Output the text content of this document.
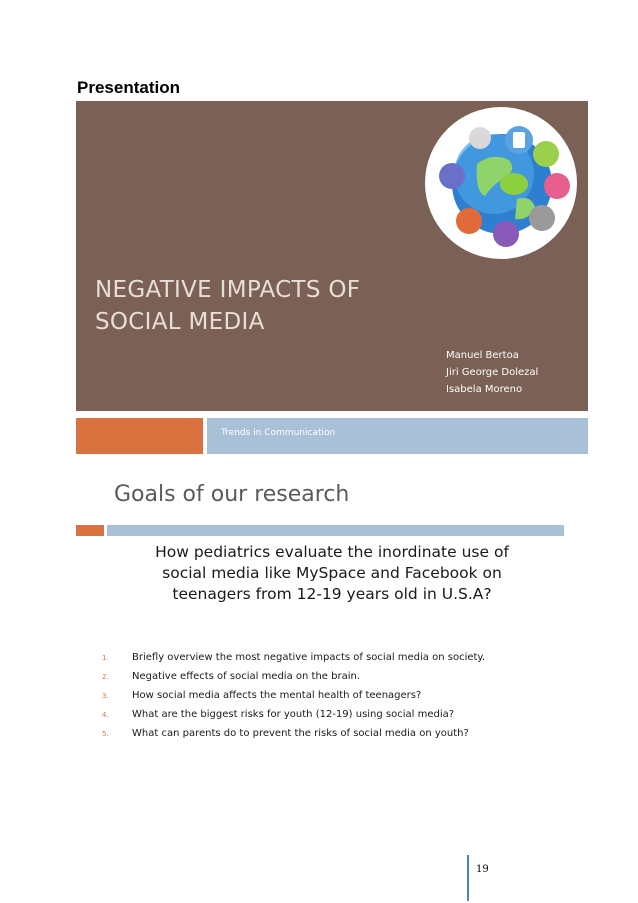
Presentation
NEGATIVE IMPACTS OF
SOCIAL MEDIA
Manuel Bertoa
Jiri George Dolezal
Isabela Moreno
Trends in Communication
Goals of our research
How pediatrics evaluate the inordinate use of
social media like MySpace and Facebook on
teenagers from 12-19 years old in U.S.A?
1. Briefly overview the most negative impacts of social media on society.
2. Negative effects of social media on the brain.
3. How social media affects the mental health of teenagers?
4. What are the biggest risks for youth (12-19) using social media?
5. What can parents do to prevent the risks of social media on youth?
19
